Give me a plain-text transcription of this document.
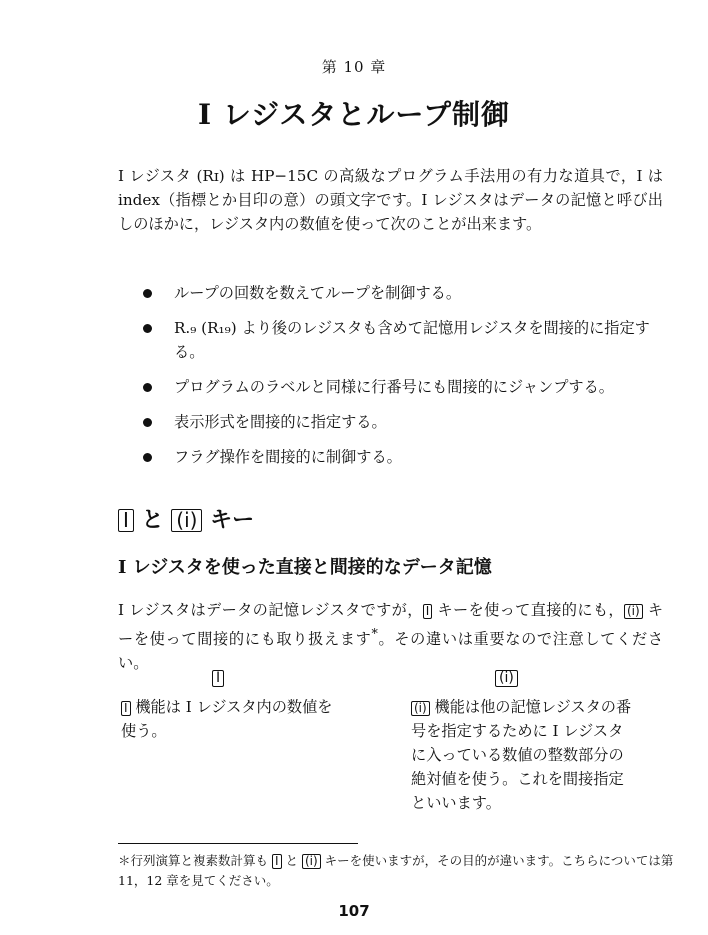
第 10 章
I レジスタとループ制御
I レジスタ (Rɪ) は HP−15C の高級なプログラム手法用の有力な道具で，I は index（指標とか目印の意）の頭文字です。I レジスタはデータの記憶と呼び出しのほかに，レジスタ内の数値を使って次のことが出来ます。
ループの回数を数えてループを制御する。
R.₉ (R₁₉) より後のレジスタも含めて記憶用レジスタを間接的に指定する。
プログラムのラベルと同様に行番号にも間接的にジャンプする。
表示形式を間接的に指定する。
フラグ操作を間接的に制御する。
I と (i) キー
I レジスタを使った直接と間接的なデータ記憶
I レジスタはデータの記憶レジスタですが， I キーを使って直接的にも， (i) キーを使って間接的にも取り扱えます*。その違いは重要なので注意してください。
I	(i)
I 機能は I レジスタ内の数値を使う。
(i) 機能は他の記憶レジスタの番号を指定するために I レジスタに入っている数値の整数部分の絶対値を使う。これを間接指定といいます。
＊行列演算と複素数計算も I と (i) キーを使いますが，その目的が違います。こちらについては第 11，12 章を見てください。
107
